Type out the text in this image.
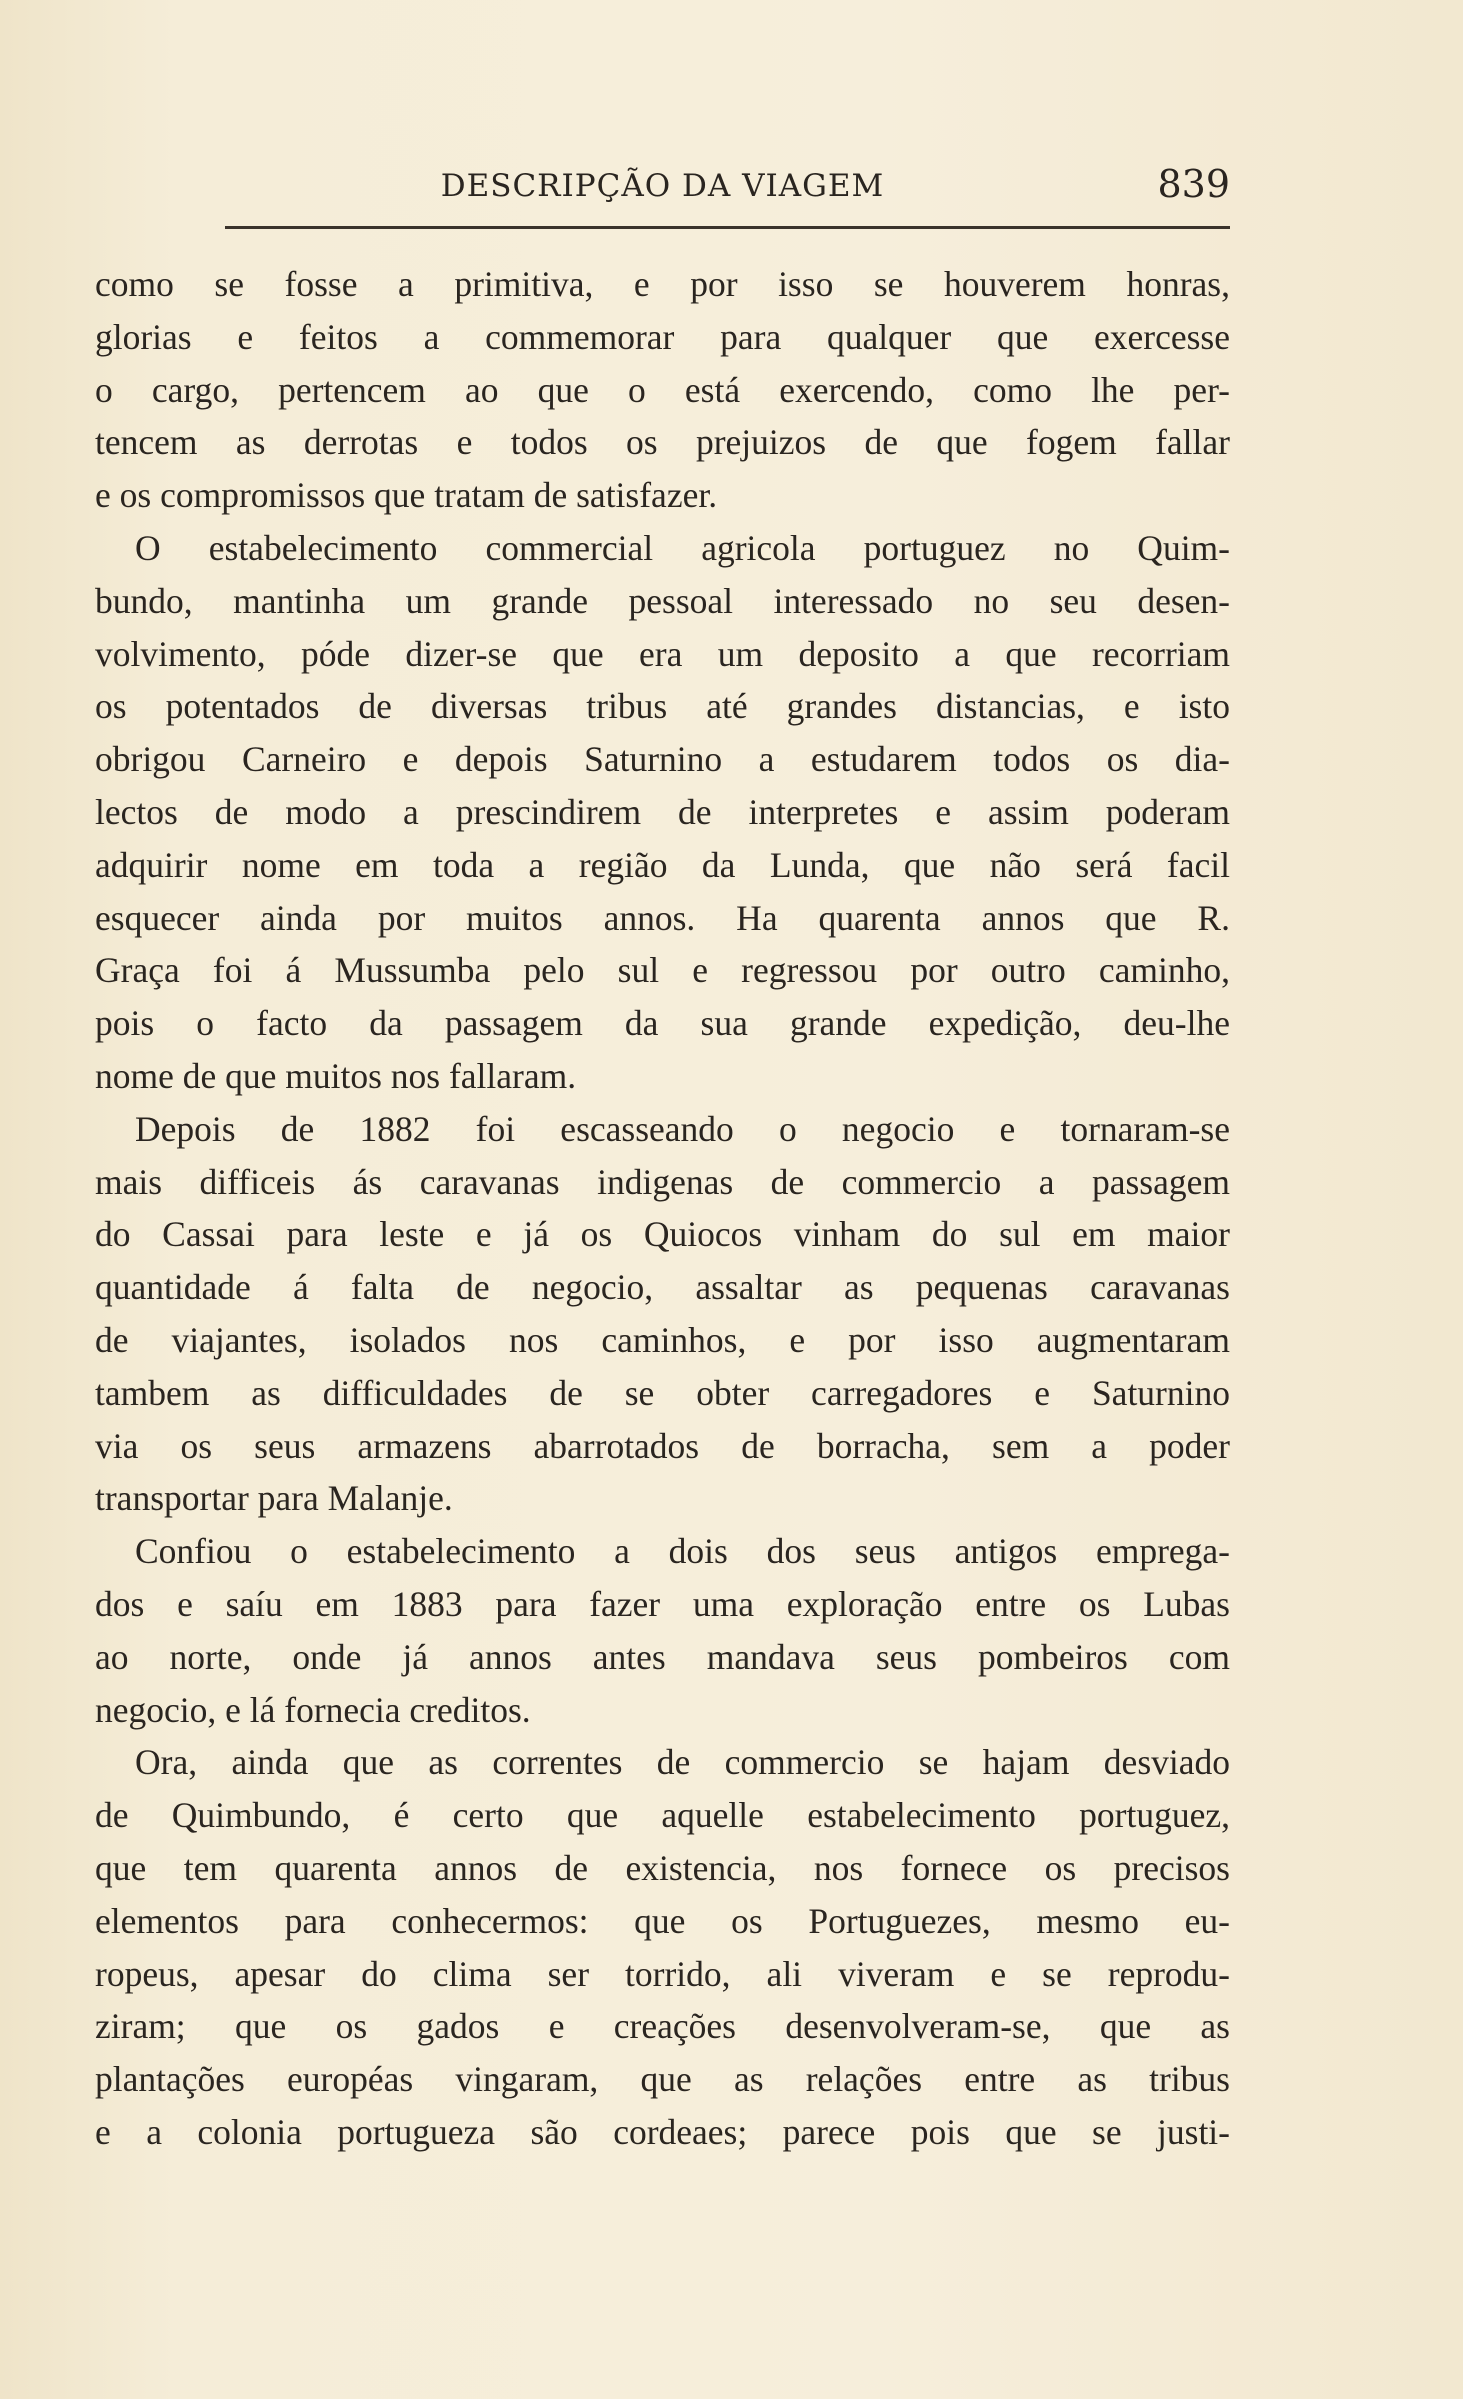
DESCRIPÇÃO DA VIAGEM	839
como se fosse a primitiva, e por isso se houverem honras,
glorias e feitos a commemorar para qualquer que exercesse
o cargo, pertencem ao que o está exercendo, como lhe per-
tencem as derrotas e todos os prejuizos de que fogem fallar
e os compromissos que tratam de satisfazer.
O estabelecimento commercial agricola portuguez no Quim-
bundo, mantinha um grande pessoal interessado no seu desen-
volvimento, póde dizer-se que era um deposito a que recorriam
os potentados de diversas tribus até grandes distancias, e isto
obrigou Carneiro e depois Saturnino a estudarem todos os dia-
lectos de modo a prescindirem de interpretes e assim poderam
adquirir nome em toda a região da Lunda, que não será facil
esquecer ainda por muitos annos. Ha quarenta annos que R.
Graça foi á Mussumba pelo sul e regressou por outro caminho,
pois o facto da passagem da sua grande expedição, deu-lhe
nome de que muitos nos fallaram.
Depois de 1882 foi escasseando o negocio e tornaram-se
mais difficeis ás caravanas indigenas de commercio a passagem
do Cassai para leste e já os Quiocos vinham do sul em maior
quantidade á falta de negocio, assaltar as pequenas caravanas
de viajantes, isolados nos caminhos, e por isso augmentaram
tambem as difficuldades de se obter carregadores e Saturnino
via os seus armazens abarrotados de borracha, sem a poder
transportar para Malanje.
Confiou o estabelecimento a dois dos seus antigos emprega-
dos e saíu em 1883 para fazer uma exploração entre os Lubas
ao norte, onde já annos antes mandava seus pombeiros com
negocio, e lá fornecia creditos.
Ora, ainda que as correntes de commercio se hajam desviado
de Quimbundo, é certo que aquelle estabelecimento portuguez,
que tem quarenta annos de existencia, nos fornece os precisos
elementos para conhecermos: que os Portuguezes, mesmo eu-
ropeus, apesar do clima ser torrido, ali viveram e se reprodu-
ziram; que os gados e creações desenvolveram-se, que as
plantações européas vingaram, que as relações entre as tribus
e a colonia portugueza são cordeaes; parece pois que se justi-
